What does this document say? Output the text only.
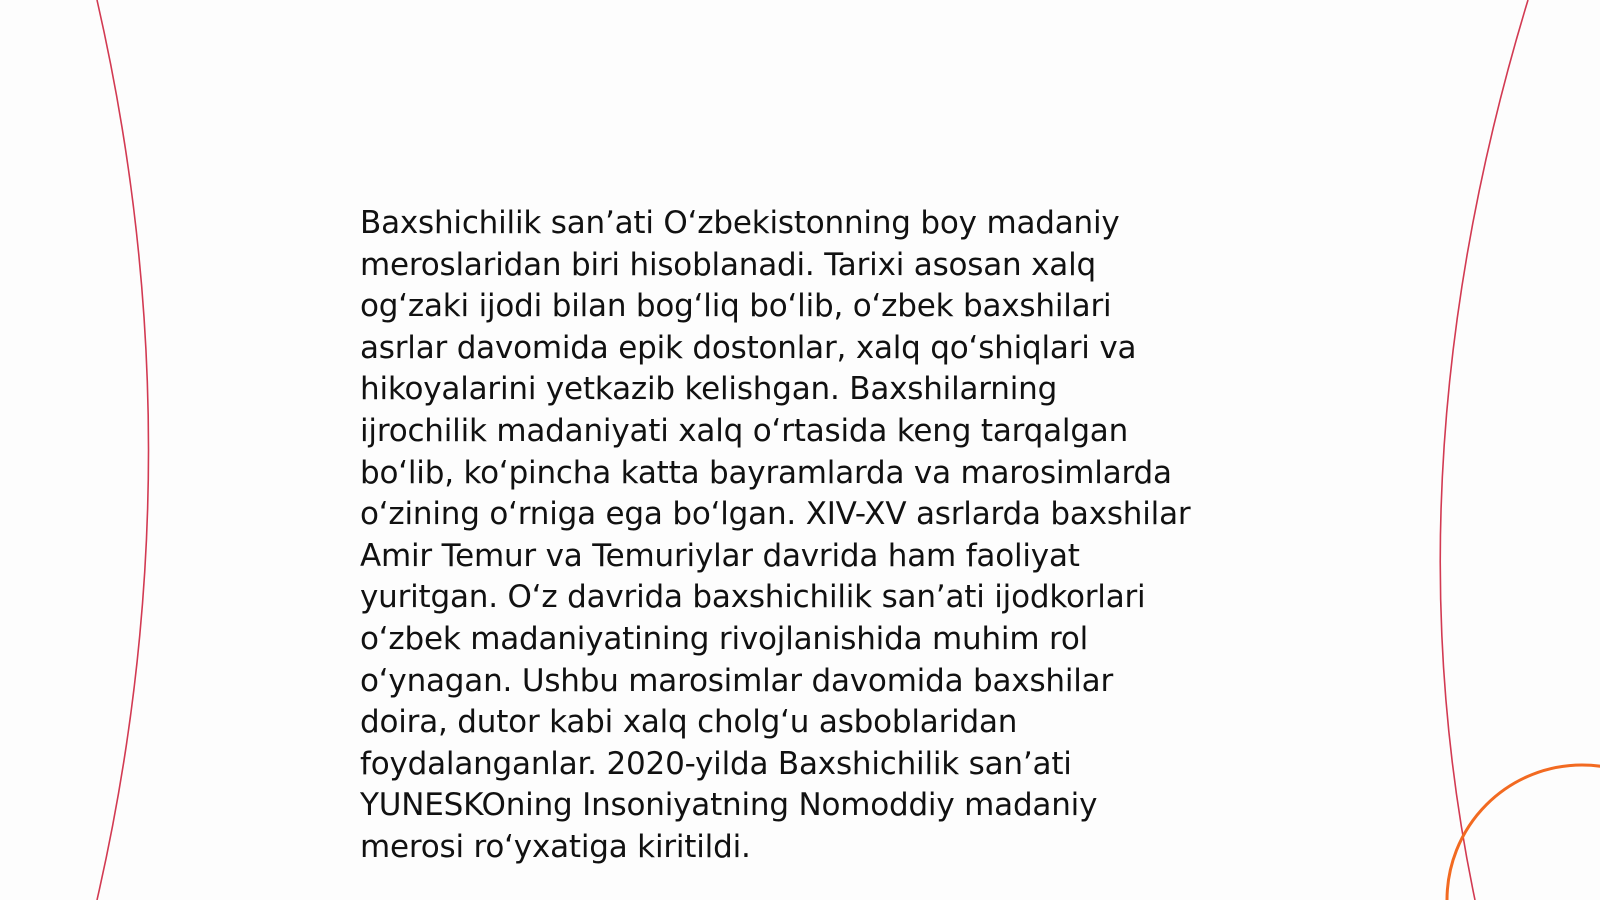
Baxshichilik san’ati O‘zbekistonning boy madaniy
meroslaridan biri hisoblanadi. Tarixi asosan xalq
og‘zaki ijodi bilan bog‘liq bo‘lib, o‘zbek baxshilari
asrlar davomida epik dostonlar, xalq qo‘shiqlari va
hikoyalarini yetkazib kelishgan. Baxshilarning
ijrochilik madaniyati xalq o‘rtasida keng tarqalgan
bo‘lib, ko‘pincha katta bayramlarda va marosimlarda
o‘zining o‘rniga ega bo‘lgan. XIV-XV asrlarda baxshilar
Amir Temur va Temuriylar davrida ham faoliyat
yuritgan. O‘z davrida baxshichilik san’ati ijodkorlari
o‘zbek madaniyatining rivojlanishida muhim rol
o‘ynagan. Ushbu marosimlar davomida baxshilar
doira, dutor kabi xalq cholg‘u asboblaridan
foydalanganlar. 2020-yilda Baxshichilik san’ati
YUNESKOning Insoniyatning Nomoddiy madaniy
merosi ro‘yxatiga kiritildi.
